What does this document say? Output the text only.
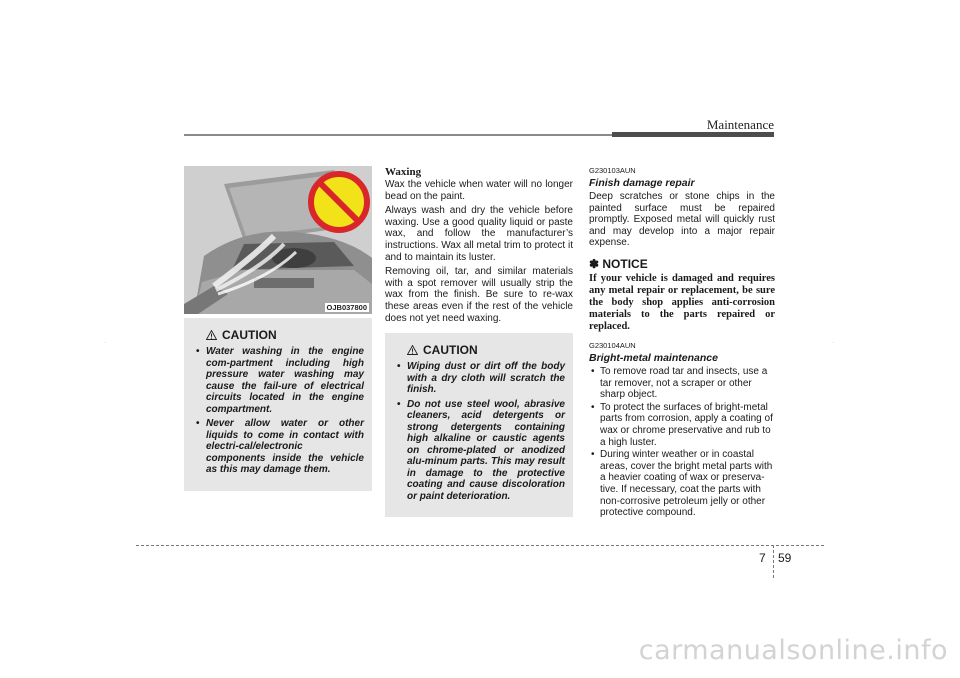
Maintenance
OJB037800
CAUTION
• Water washing in the engine com-partment including high pressure water washing may cause the fail-ure of electrical circuits located in the engine compartment.
• Never allow water or other liquids to come in contact with electri-cal/electronic components inside the vehicle as this may damage them.
Waxing

Wax the vehicle when water will no longer bead on the paint.

Always wash and dry the vehicle before waxing. Use a good quality liquid or paste wax, and follow the manufacturer’s instructions. Wax all metal trim to protect it and to maintain its luster.

Removing oil, tar, and similar materials with a spot remover will usually strip the wax from the finish. Be sure to re-wax these areas even if the rest of the vehicle does not yet need waxing.

CAUTION
• Wiping dust or dirt off the body with a dry cloth will scratch the finish.
• Do not use steel wool, abrasive cleaners, acid detergents or strong detergents containing high alkaline or caustic agents on chrome-plated or anodized alu-minum parts. This may result in damage to the protective coating and cause discoloration or paint deterioration.
G230103AUN
Finish damage repair

Deep scratches or stone chips in the painted surface must be repaired promptly. Exposed metal will quickly rust and may develop into a major repair expense.

✽ NOTICE

If your vehicle is damaged and requires any metal repair or replacement, be sure the body shop applies anti-corrosion materials to the parts repaired or replaced.

G230104AUN
Bright-metal maintenance
• To remove road tar and insects, use a tar remover, not a scraper or other sharp object.
• To protect the surfaces of bright-metal parts from corrosion, apply a coating of wax or chrome preservative and rub to a high luster.
• During winter weather or in coastal areas, cover the bright metal parts with a heavier coating of wax or preserva-tive. If necessary, coat the parts with non-corrosive petroleum jelly or other protective compound.
7 59
·	·
carmanualsonline.info
